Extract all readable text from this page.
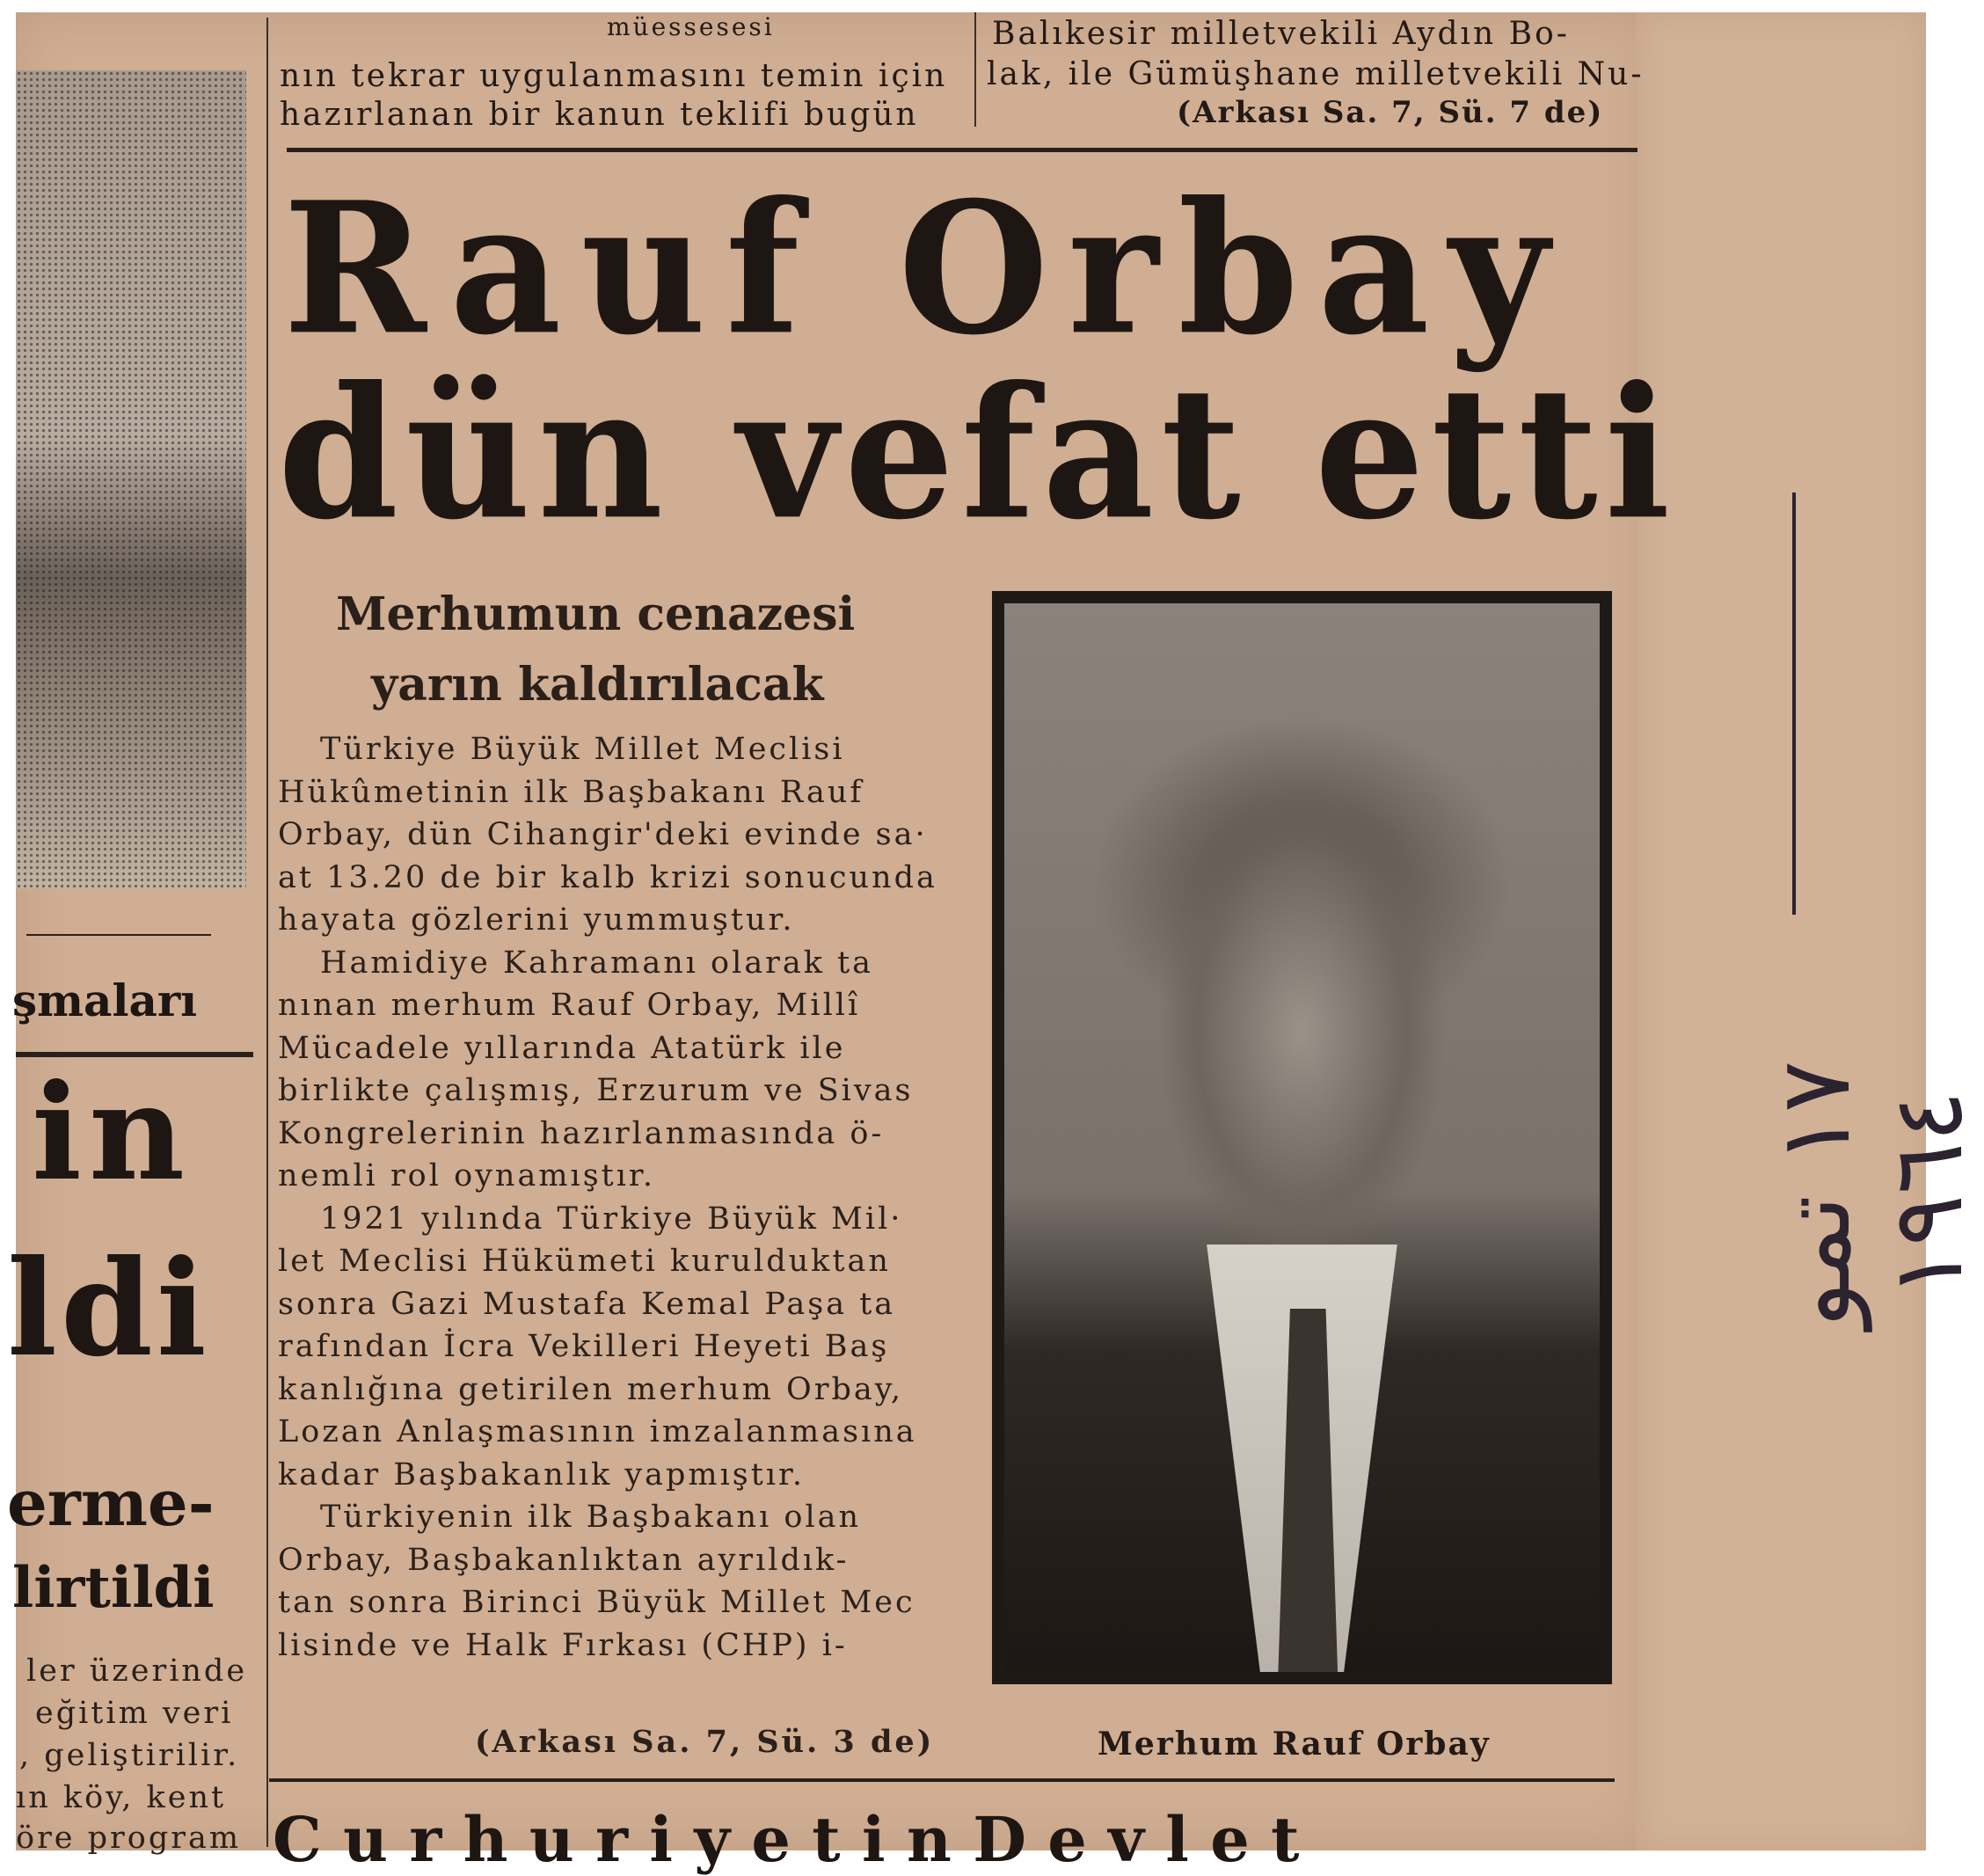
şmaları
in
ldi
erme-
lirtildi
ler üzerinde
eğitim veri
, geliştirilir.
ın köy, kent
öre program
müessesesi
nın tekrar uygulanmasını temin için
hazırlanan bir kanun teklifi bugün
Balıkesir milletvekili Aydın Bo-
lak, ile Gümüşhane milletvekili Nu-
(Arkası Sa. 7, Sü. 7 de)
Rauf Orbay
dün vefat etti
Merhumun cenazesi
yarın kaldırılacak
Türkiye Büyük Millet Meclisi
Hükûmetinin ilk Başbakanı Rauf
Orbay, dün Cihangir'deki evinde sa·
at 13.20 de bir kalb krizi sonucunda
hayata gözlerini yummuştur.
Hamidiye Kahramanı olarak ta
nınan merhum Rauf Orbay, Millî
Mücadele yıllarında Atatürk ile
birlikte çalışmış, Erzurum ve Sivas
Kongrelerinin hazırlanmasında ö-
nemli rol oynamıştır.
1921 yılında Türkiye Büyük Mil·
let Meclisi Hükümeti kurulduktan
sonra Gazi Mustafa Kemal Paşa ta
rafından İcra Vekilleri Heyeti Baş
kanlığına getirilen merhum Orbay,
Lozan Anlaşmasının imzalanmasına
kadar Başbakanlık yapmıştır.
Türkiyenin ilk Başbakanı olan
Orbay, Başbakanlıktan ayrıldık-
tan sonra Birinci Büyük Millet Mec
lisinde ve Halk Fırkası (CHP) i-
(Arkası Sa. 7, Sü. 3 de)	Merhum Rauf Orbay
C u r h u r i y e t i n D e v l e t
١٧ تمو ١٩٦٤
